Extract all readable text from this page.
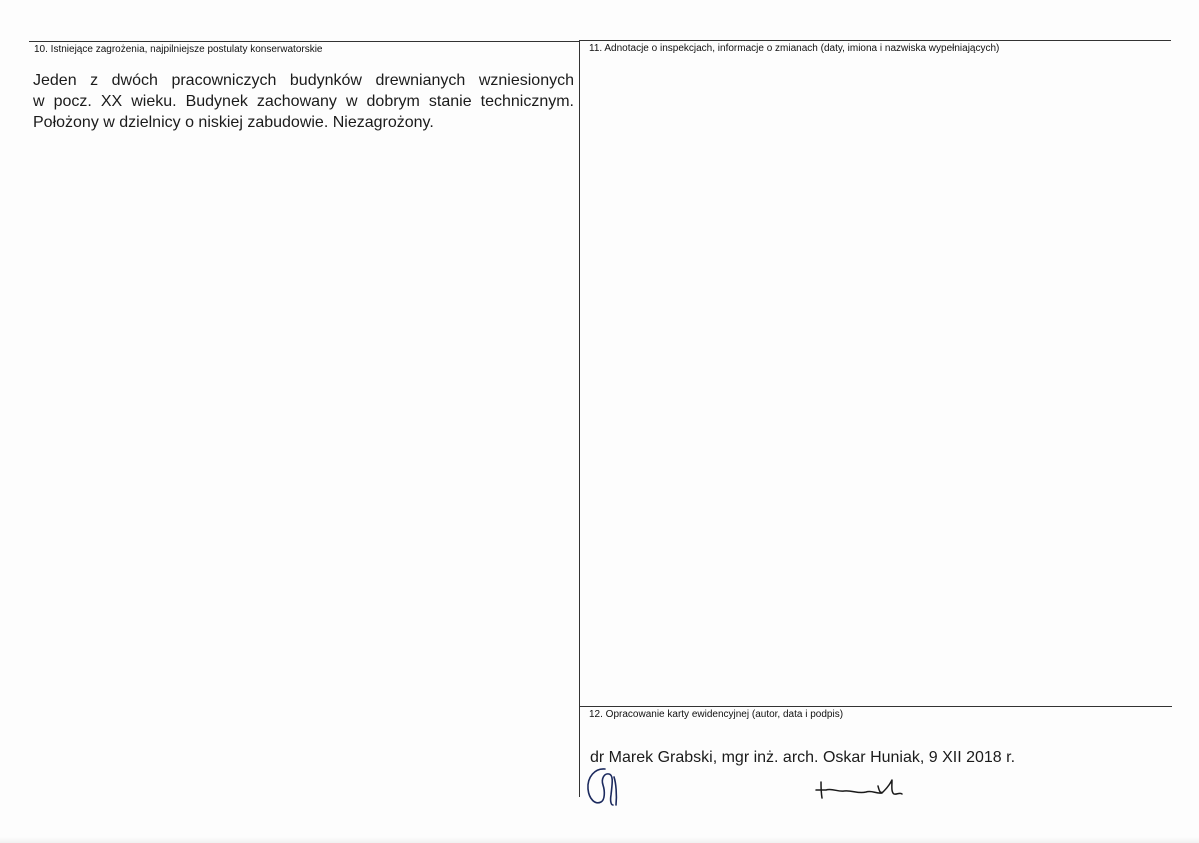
10. Istniejące zagrożenia, najpilniejsze postulaty konserwatorskie
Jeden z dwóch pracowniczych budynków drewnianych wzniesionych
w pocz. XX wieku. Budynek zachowany w dobrym stanie technicznym.
Położony w dzielnicy o niskiej zabudowie. Niezagrożony.
11. Adnotacje o inspekcjach, informacje o zmianach (daty, imiona i nazwiska wypełniających)
12. Opracowanie karty ewidencyjnej (autor, data i podpis)
dr Marek Grabski, mgr inż. arch. Oskar Huniak, 9 XII 2018 r.
